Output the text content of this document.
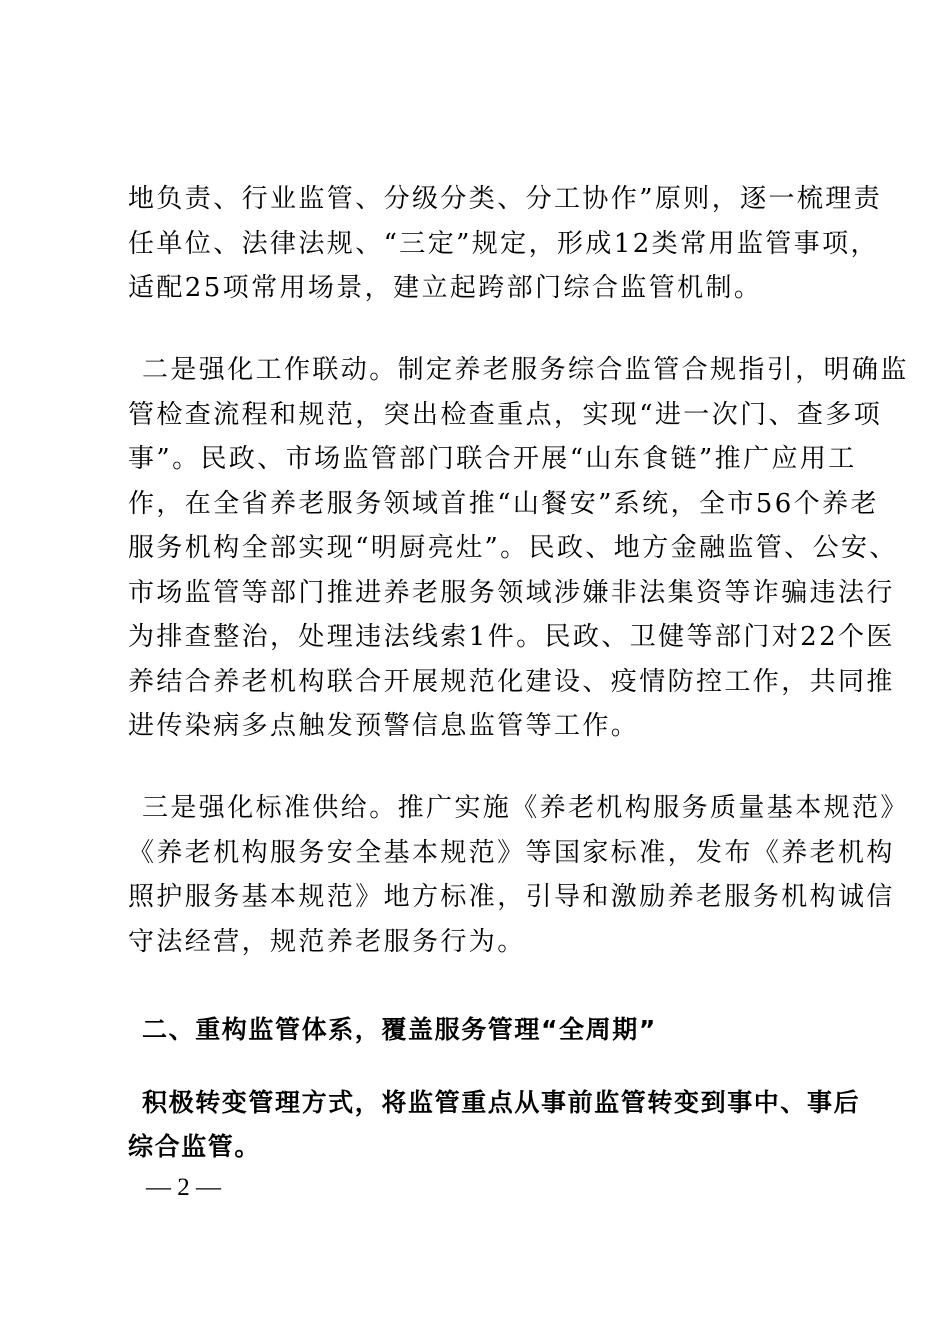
地负责、行业监管、分级分类、分工协作”原则，逐一梳理责
任单位、法律法规、“三定”规定，形成12类常用监管事项，
适配25项常用场景，建立起跨部门综合监管机制。
二是强化工作联动。制定养老服务综合监管合规指引，明确监
管检查流程和规范，突出检查重点，实现“进一次门、查多项
事”。民政、市场监管部门联合开展“山东食链”推广应用工
作，在全省养老服务领域首推“山餐安”系统，全市56个养老
服务机构全部实现“明厨亮灶”。民政、地方金融监管、公安、
市场监管等部门推进养老服务领域涉嫌非法集资等诈骗违法行
为排查整治，处理违法线索1件。民政、卫健等部门对22个医
养结合养老机构联合开展规范化建设、疫情防控工作，共同推
进传染病多点触发预警信息监管等工作。
三是强化标准供给。推广实施《养老机构服务质量基本规范》
《养老机构服务安全基本规范》等国家标准，发布《养老机构
照护服务基本规范》地方标准，引导和激励养老服务机构诚信
守法经营，规范养老服务行为。
二、重构监管体系，覆盖服务管理“全周期”
积极转变管理方式，将监管重点从事前监管转变到事中、事后
综合监管。
— 2 —
